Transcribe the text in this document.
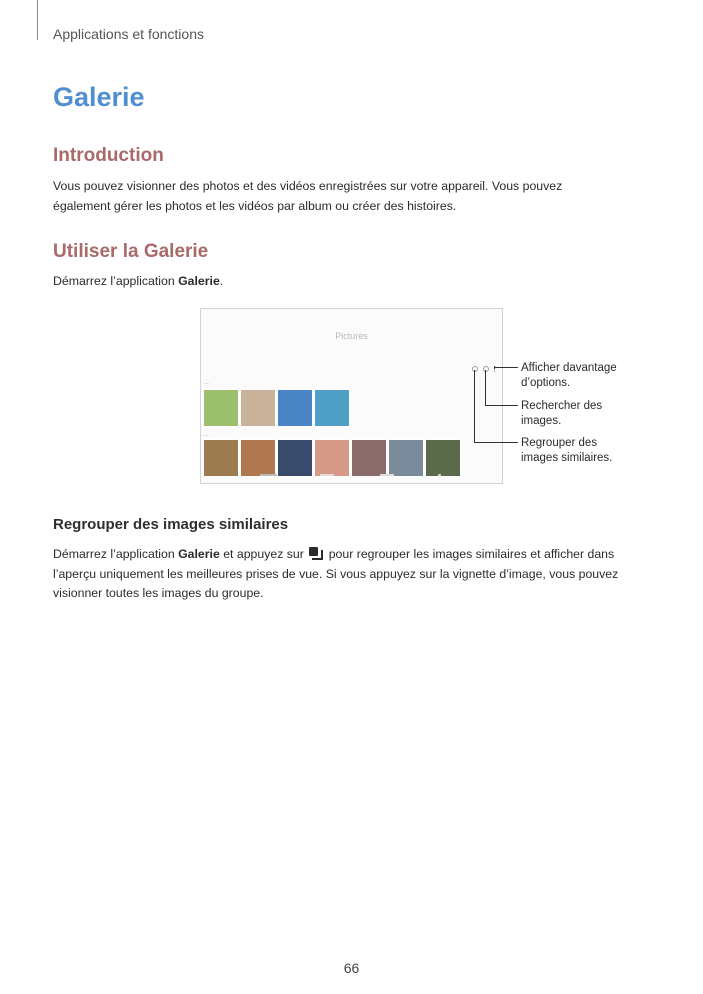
Applications et fonctions
Galerie
Introduction

Vous pouvez visionner des photos et des vidéos enregistrées sur votre appareil. Vous pouvez également gérer les photos et les vidéos par album ou créer des histoires.

Utiliser la Galerie

Démarrez l’application Galerie.

Pictures
—
—
Afficher davantage d’options.
Rechercher des images.
Regrouper des images similaires.
Regrouper des images similaires

Démarrez l’application Galerie et appuyez sur  pour regrouper les images similaires et afficher dans l’aperçu uniquement les meilleures prises de vue. Si vous appuyez sur la vignette d’image, vous pouvez visionner toutes les images du groupe.

66
